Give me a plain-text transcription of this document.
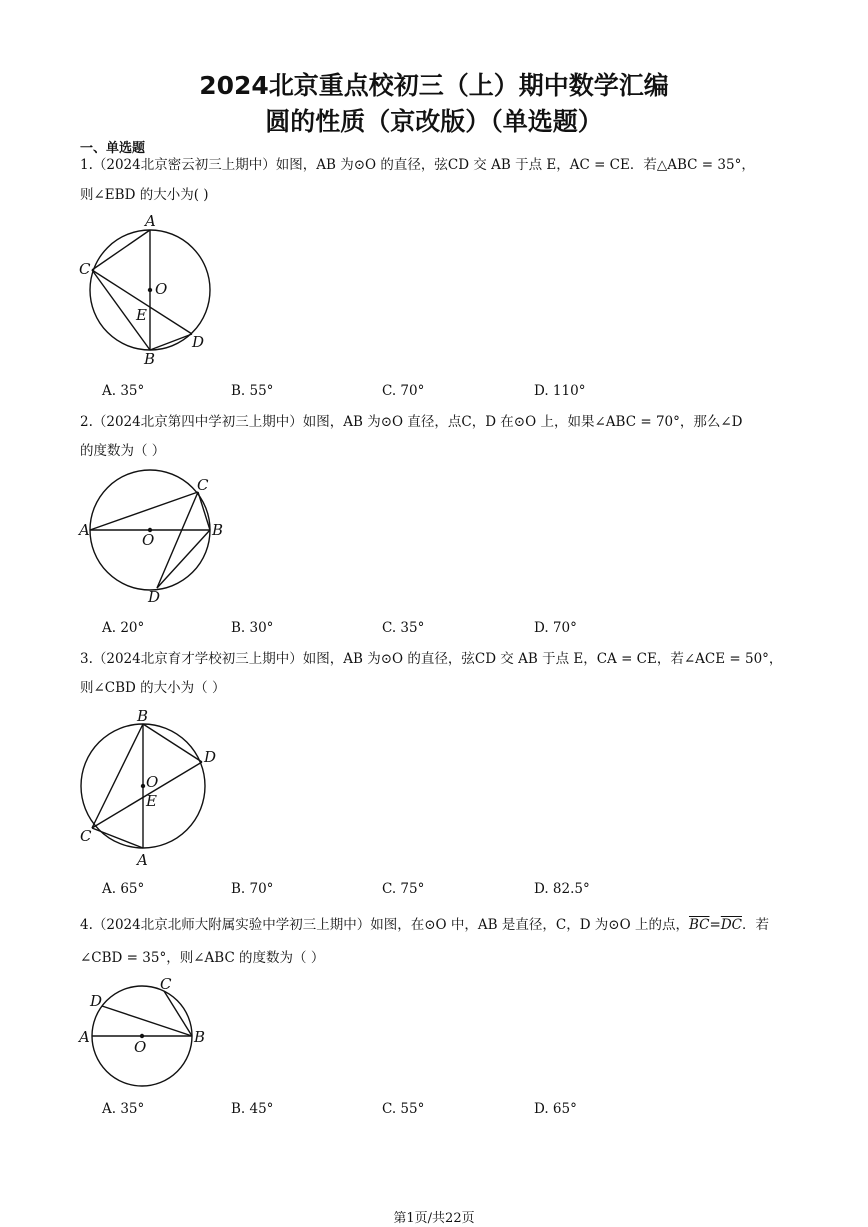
2024北京重点校初三（上）期中数学汇编
圆的性质（京改版）（单选题）
一、单选题
1.（2024北京密云初三上期中）如图，AB 为⊙O 的直径，弦CD 交 AB 于点 E，AC = CE．若△ABC = 35°，
则∠EBD 的大小为( )
A
C
O
E
B
D
A. 35°	B. 55°	C. 70°	D. 110°
2.（2024北京第四中学初三上期中）如图，AB 为⊙O 直径，点C，D 在⊙O 上，如果∠ABC = 70°，那么∠D
的度数为（ ）
A
C
O
B
D
A. 20°	B. 30°	C. 35°	D. 70°
3.（2024北京育才学校初三上期中）如图，AB 为⊙O 的直径，弦CD 交 AB 于点 E，CA = CE，若∠ACE = 50°，
则∠CBD 的大小为（ ）
B
D
O
E
C
A
A. 65°	B. 70°	C. 75°	D. 82.5°
4.（2024北京北师大附属实验中学初三上期中）如图，在⊙O 中，AB 是直径，C，D 为⊙O 上的点，$\overline{BC}=\overline{DC}$．若
∠CBD = 35°，则∠ABC 的度数为（ ）
D
C
A
O
B
A. 35°	B. 45°	C. 55°	D. 65°
第1页/共22页
